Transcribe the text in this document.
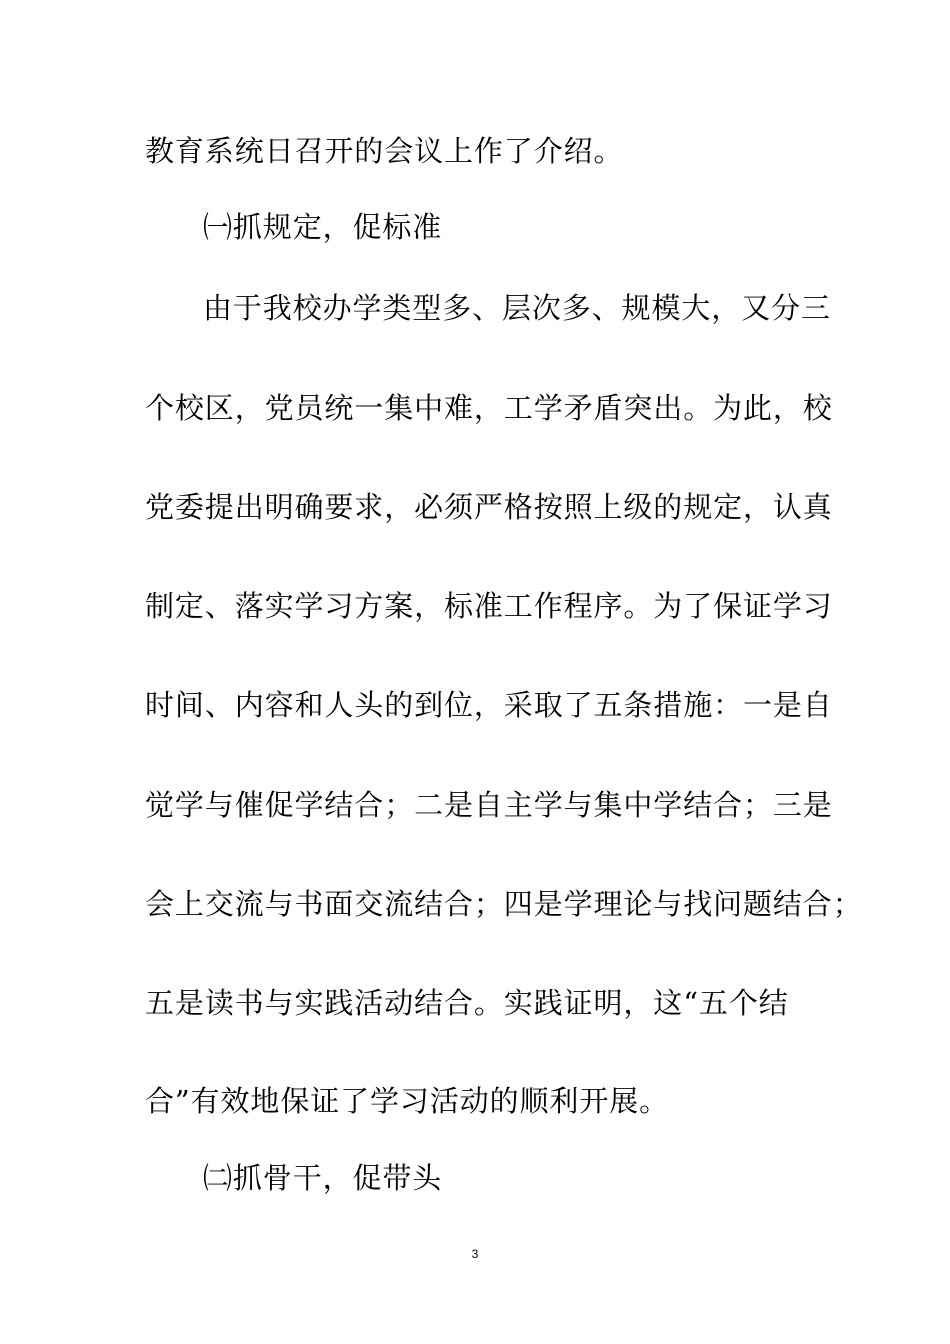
教育系统日召开的会议上作了介绍。

㈠抓规定，促标准

由于我校办学类型多、层次多、规模大，又分三

个校区，党员统一集中难，工学矛盾突出。为此，校

党委提出明确要求，必须严格按照上级的规定，认真

制定、落实学习方案，标准工作程序。为了保证学习

时间、内容和人头的到位，采取了五条措施：一是自

觉学与催促学结合；二是自主学与集中学结合；三是

会上交流与书面交流结合；四是学理论与找问题结合；

五是读书与实践活动结合。实践证明，这“五个结

合”有效地保证了学习活动的顺利开展。

㈡抓骨干，促带头

3
